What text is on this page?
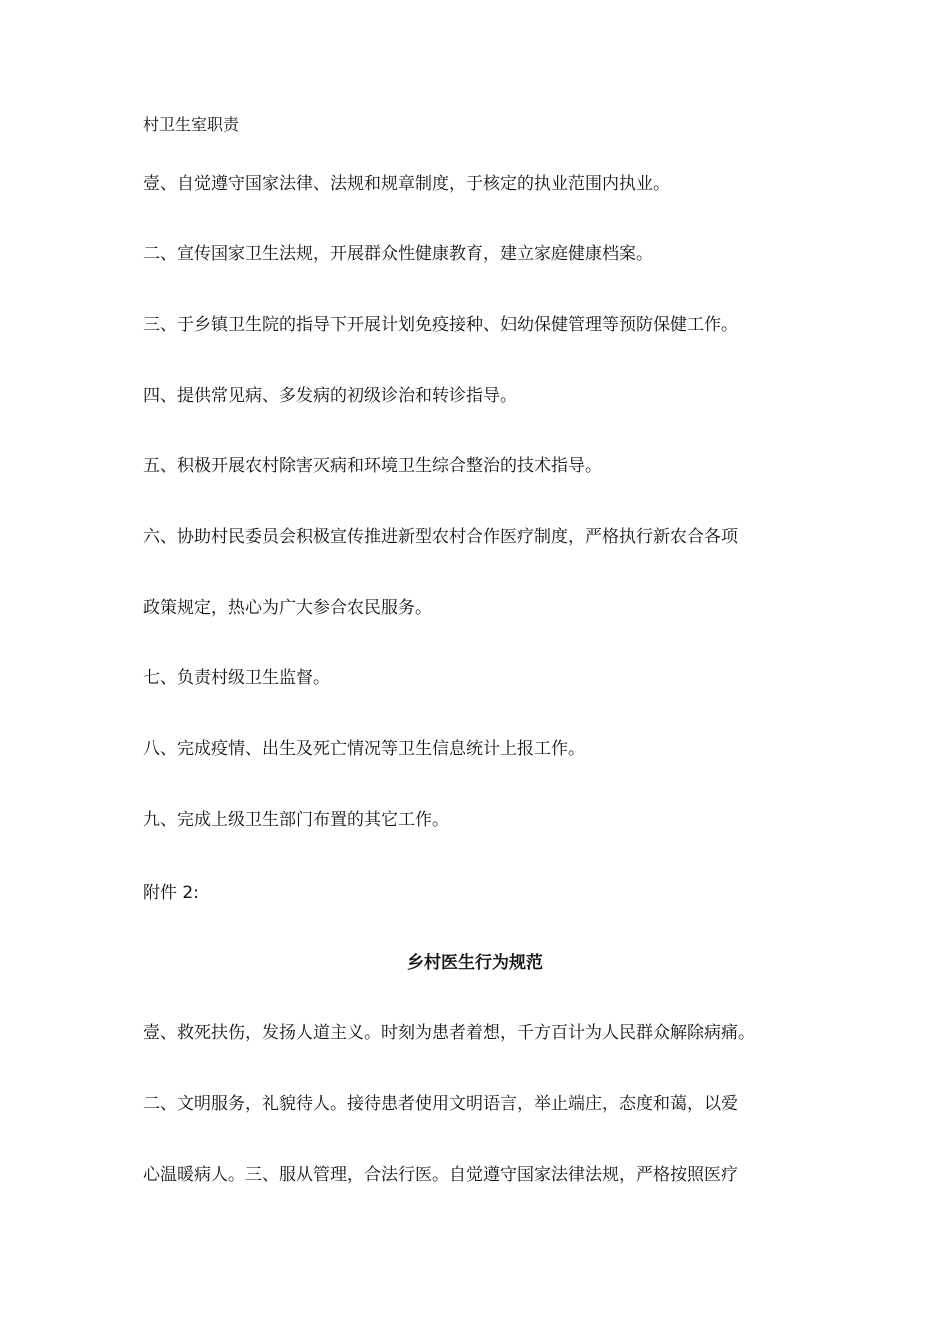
村卫生室职责
壹、自觉遵守国家法律、法规和规章制度，于核定的执业范围内执业。
二、宣传国家卫生法规，开展群众性健康教育，建立家庭健康档案。
三、于乡镇卫生院的指导下开展计划免疫接种、妇幼保健管理等预防保健工作。
四、提供常见病、多发病的初级诊治和转诊指导。
五、积极开展农村除害灭病和环境卫生综合整治的技术指导。
六、协助村民委员会积极宣传推进新型农村合作医疗制度，严格执行新农合各项
政策规定，热心为广大参合农民服务。
七、负责村级卫生监督。
八、完成疫情、出生及死亡情况等卫生信息统计上报工作。
九、完成上级卫生部门布置的其它工作。
附件 2:
乡村医生行为规范
壹、救死扶伤，发扬人道主义。时刻为患者着想，千方百计为人民群众解除病痛。
二、文明服务，礼貌待人。接待患者使用文明语言，举止端庄，态度和蔼，以爱
心温暖病人。三、服从管理，合法行医。自觉遵守国家法律法规，严格按照医疗
